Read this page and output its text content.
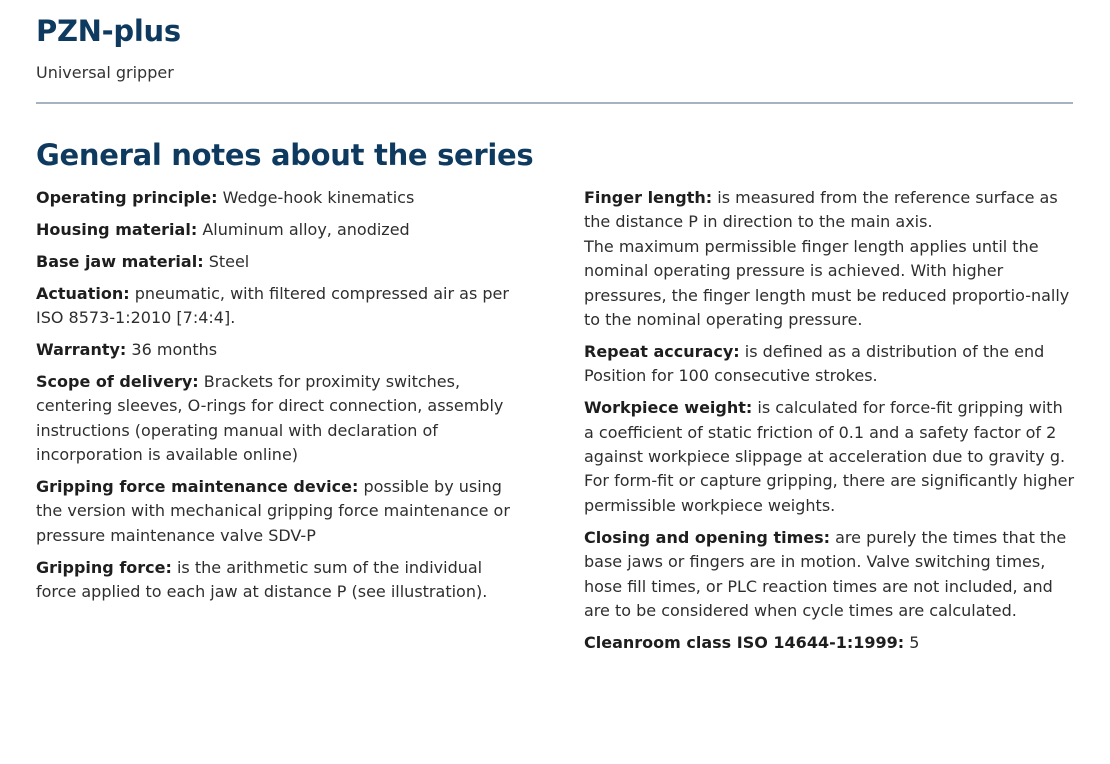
PZN-plus

Universal gripper

General notes about the series

Operating principle: Wedge-hook kinematics

Housing material: Aluminum alloy, anodized

Base jaw material: Steel

Actuation: pneumatic, with filtered compressed air as per ISO 8573-1:2010 [7:4:4].

Warranty: 36 months

Scope of delivery: Brackets for proximity switches, centering sleeves, O-rings for direct connection, assembly instructions (operating manual with declaration of incorporation is available online)

Gripping force maintenance device: possible by using the version with mechanical gripping force maintenance or pressure maintenance valve SDV-P

Gripping force: is the arithmetic sum of the individual force applied to each jaw at distance P (see illustration).

Finger length: is measured from the reference surface as the distance P in direction to the main axis.
The maximum permissible finger length applies until the nominal operating pressure is achieved. With higher pressures, the finger length must be reduced proportio-nally to the nominal operating pressure.

Repeat accuracy: is defined as a distribution of the end Position for 100 consecutive strokes.

Workpiece weight: is calculated for force-fit gripping with a coefficient of static friction of 0.1 and a safety factor of 2 against workpiece slippage at acceleration due to gravity g. For form-fit or capture gripping, there are significantly higher permissible workpiece weights.

Closing and opening times: are purely the times that the base jaws or fingers are in motion. Valve switching times, hose fill times, or PLC reaction times are not included, and are to be considered when cycle times are calculated.

Cleanroom class ISO 14644-1:1999: 5
